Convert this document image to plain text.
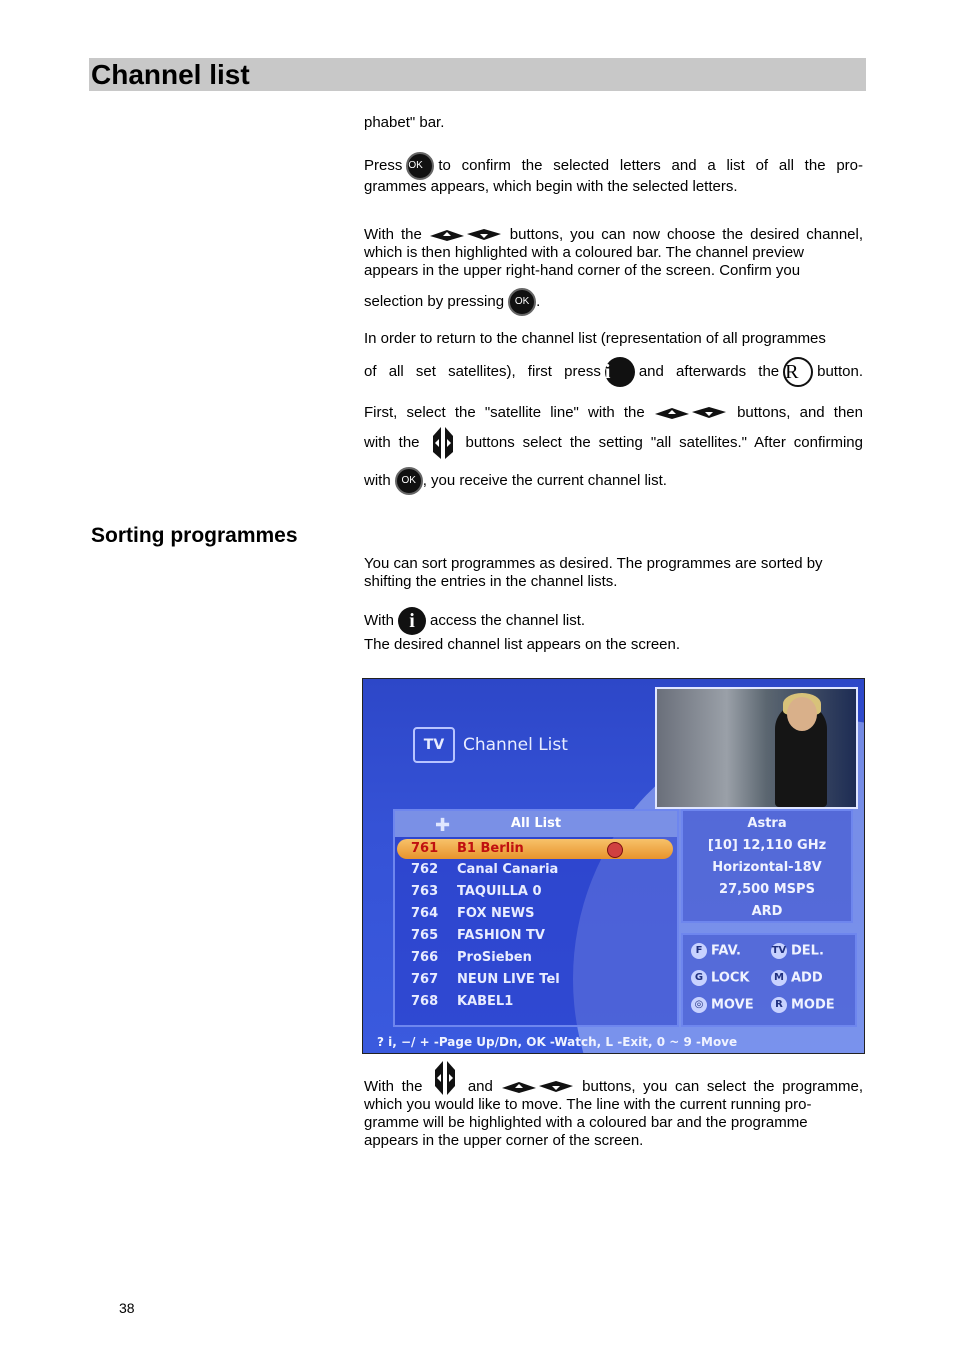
Channel list
phabet" bar.
Press OK to confirm the selected letters and a list of all the pro-
grammes appears, which begin with the selected letters.
With the	buttons, you can now choose the desired channel,
which is then highlighted with a coloured bar. The channel preview
appears in the upper right-hand corner of the screen. Confirm you
selection by pressing OK .
In order to return to the channel list (representation of all programmes
of all set satellites), first press i and afterwards the R button.
First, select the "satellite line" with the	buttons, and then
with the	buttons select the setting "all satellites." After confirming
with OK , you receive the current channel list.
Sorting programmes
You can sort programmes as desired. The programmes are sorted by
shifting the entries in the channel lists.
With i access the channel list.
The desired channel list appears on the screen.
TV	Channel List
✚	All List
761 B1 Berlin
762 Canal Canaria
763 TAQUILLA 0
764 FOX NEWS
765 FASHION TV
766 ProSieben
767 NEUN LIVE Tel
768 KABEL1
Astra
[10] 12,110 GHz
Horizontal-18V
27,500 MSPS
ARD
F FAV.	TV DEL.
G LOCK	M ADD
◎ MOVE	R MODE
? i, −/ + -Page Up/Dn, OK -Watch, L -Exit, 0 ~ 9 -Move
With the	and	buttons, you can select the programme,
which you would like to move. The line with the current running pro-
gramme will be highlighted with a coloured bar and the programme
appears in the upper corner of the screen.
38
